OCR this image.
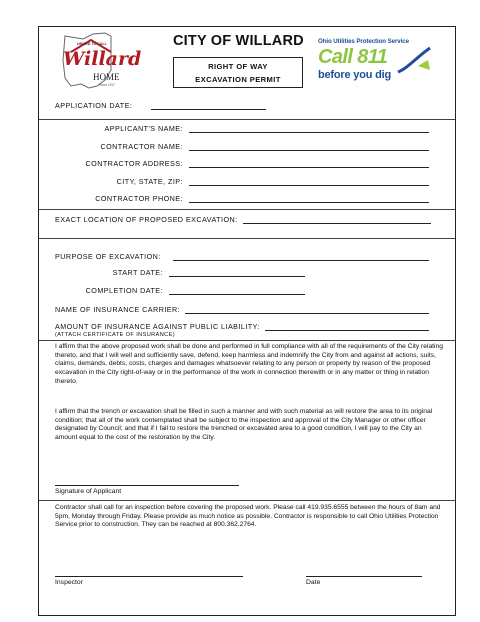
UNITED TO CALL
Willard
HOME
Since 1917
CITY OF WILLARD
RIGHT OF WAY
EXCAVATION PERMIT
Ohio Utilities Protection Service
Call 811
before you dig
APPLICATION DATE:
APPLICANT'S NAME:
CONTRACTOR NAME:
CONTRACTOR ADDRESS:
CITY, STATE, ZIP:
CONTRACTOR PHONE:
EXACT LOCATION OF PROPOSED EXCAVATION:
PURPOSE OF EXCAVATION:
START DATE:
COMPLETION DATE:
NAME OF INSURANCE CARRIER:
AMOUNT OF INSURANCE AGAINST PUBLIC LIABILITY:
(ATTACH CERTIFICATE OF INSURANCE)
I affirm that the above proposed work shall be done and performed in full compliance with all of the requirements of the City relating thereto, and that I will well and sufficiently save, defend, keep harmless and indemnify the City from and against all actions, suits, claims, demands, debts, costs, charges and damages whatsoever relating to any person or property by reason of the proposed excavation in the City right-of-way or in the performance of the work in connection therewith or in any matter or thing in relation thereto.
I affirm that the trench or excavation shall be filled in such a manner and with such material as will restore the area to its original condition; that all of the work contemplated shall be subject to the inspection and approval of the City Manager or other officer designated by Council; and that if I fail to restore the trenched or excavated area to a good condition, I will pay to the City an amount equal to the cost of the restoration by the City.
Signature of Applicant
Contractor shall call for an inspection before covering the proposed work. Please call 419.935.6555 between the hours of 8am and 5pm, Monday through Friday. Please provide as much notice as possible. Contractor is responsible to call Ohio Utilities Protection Service prior to construction. They can be reached at 800.362.2764.
Inspector	Date
